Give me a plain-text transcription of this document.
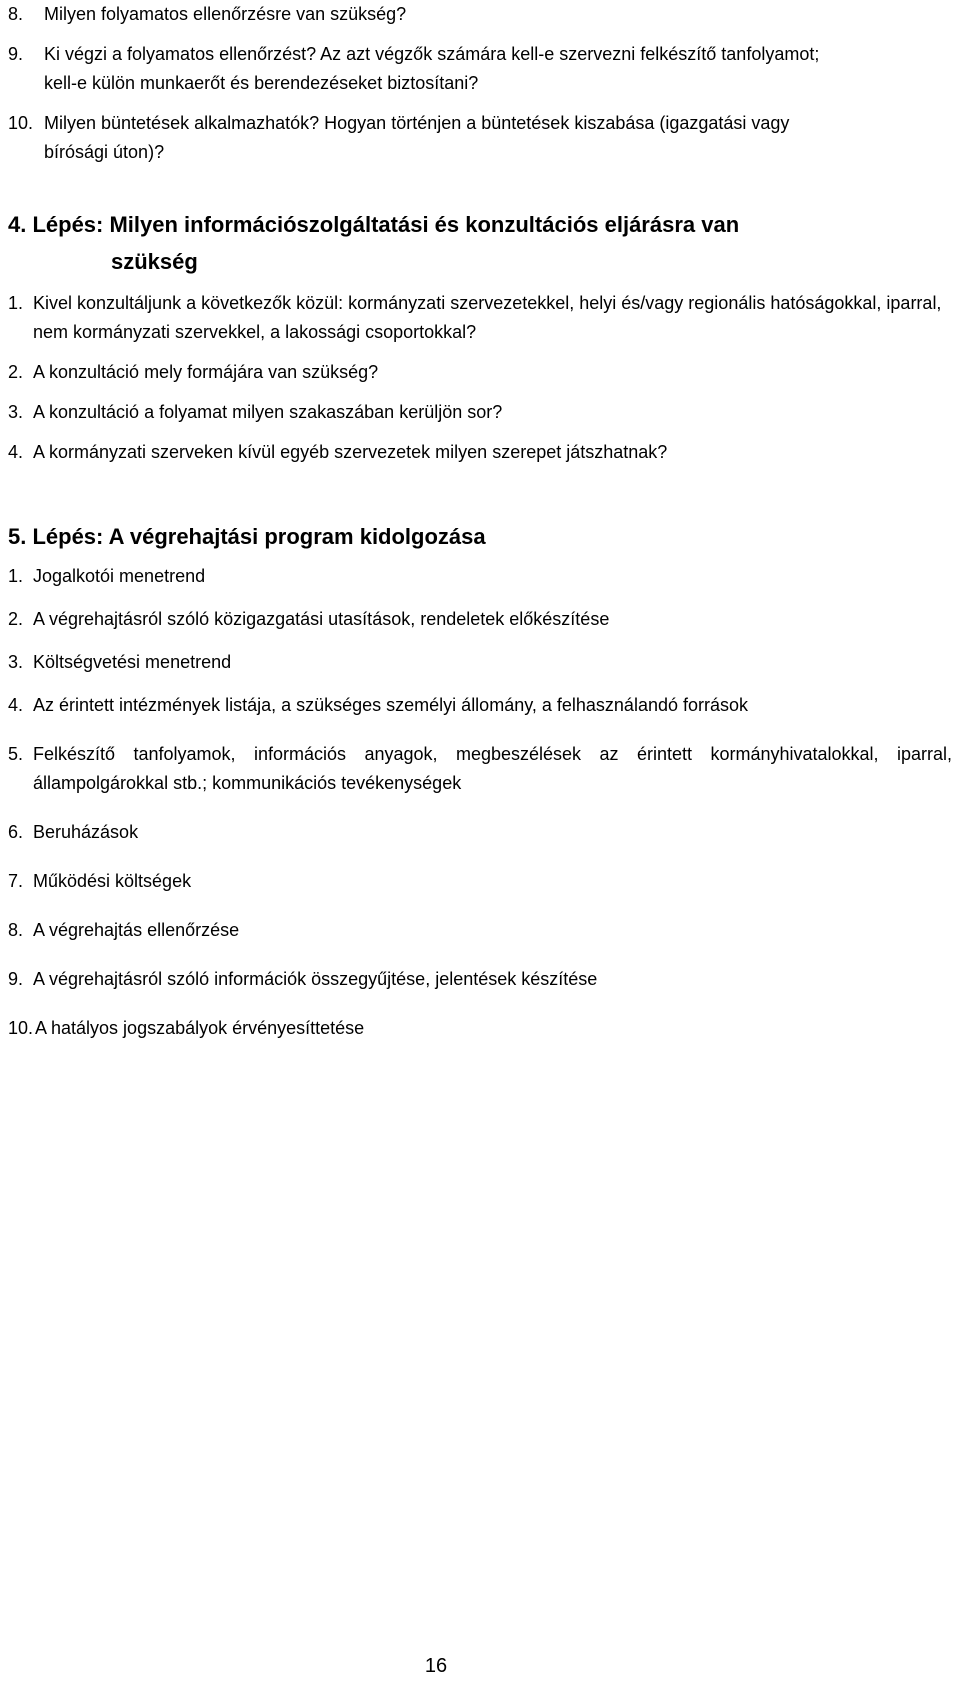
8.	Milyen folyamatos ellenőrzésre van szükség?
9.	Ki végzi a folyamatos ellenőrzést? Az azt végzők számára kell-e szervezni felkészítő tanfolyamot; kell-e külön munkaerőt és berendezéseket biztosítani?
10. Milyen büntetések alkalmazhatók? Hogyan történjen a büntetések kiszabása (igazgatási vagy bírósági úton)?
4. Lépés: Milyen információszolgáltatási és konzultációs eljárásra van
szükség
1. Kivel konzultáljunk a következők közül: kormányzati szervezetekkel, helyi és/vagy regionális hatóságokkal, iparral, nem kormányzati szervekkel, a lakossági csoportokkal?
2. A konzultáció mely formájára van szükség?
3. A konzultáció a folyamat milyen szakaszában kerüljön sor?
4. A kormányzati szerveken kívül egyéb szervezetek milyen szerepet játszhatnak?
5. Lépés: A végrehajtási program kidolgozása
1. Jogalkotói menetrend
2. A végrehajtásról szóló közigazgatási utasítások, rendeletek előkészítése
3. Költségvetési menetrend
4. Az érintett intézmények listája, a szükséges személyi állomány, a felhasználandó források
5. Felkészítő tanfolyamok, információs anyagok, megbeszélések az érintett kormányhivatalokkal, iparral, állampolgárokkal stb.; kommunikációs tevékenységek
6. Beruházások
7. Működési költségek
8. A végrehajtás ellenőrzése
9. A végrehajtásról szóló információk összegyűjtése, jelentések készítése
10. A hatályos jogszabályok érvényesíttetése
16
